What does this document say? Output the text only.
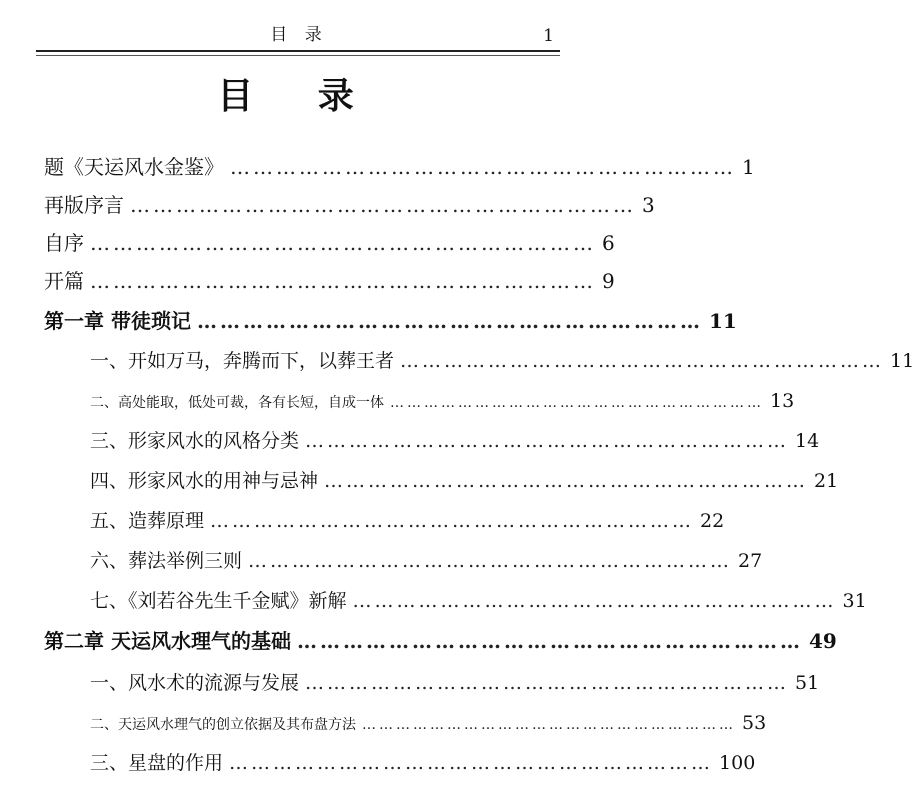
目 录	1
目 录
题《天运风水金鉴》 ………………………………………………………… 1
再版序言 ………………………………………………………… 3
自序 ………………………………………………………… 6
开篇 ………………………………………………………… 9
第一章 带徒琐记 ………………………………………………………… 11
一、开如万马，奔腾而下，以葬王者 ………………………………………………………… 11
二、高处能取，低处可裁，各有长短，自成一体 ………………………………………………………… 13
三、形家风水的风格分类 ………………………………………………………… 14
四、形家风水的用神与忌神 ………………………………………………………… 21
五、造葬原理 ………………………………………………………… 22
六、葬法举例三则 ………………………………………………………… 27
七、《刘若谷先生千金赋》新解 ………………………………………………………… 31
第二章 天运风水理气的基础 ………………………………………………………… 49
一、风水术的流源与发展 ………………………………………………………… 51
二、天运风水理气的创立依据及其布盘方法 ………………………………………………………… 53
三、星盘的作用 ………………………………………………………… 100
